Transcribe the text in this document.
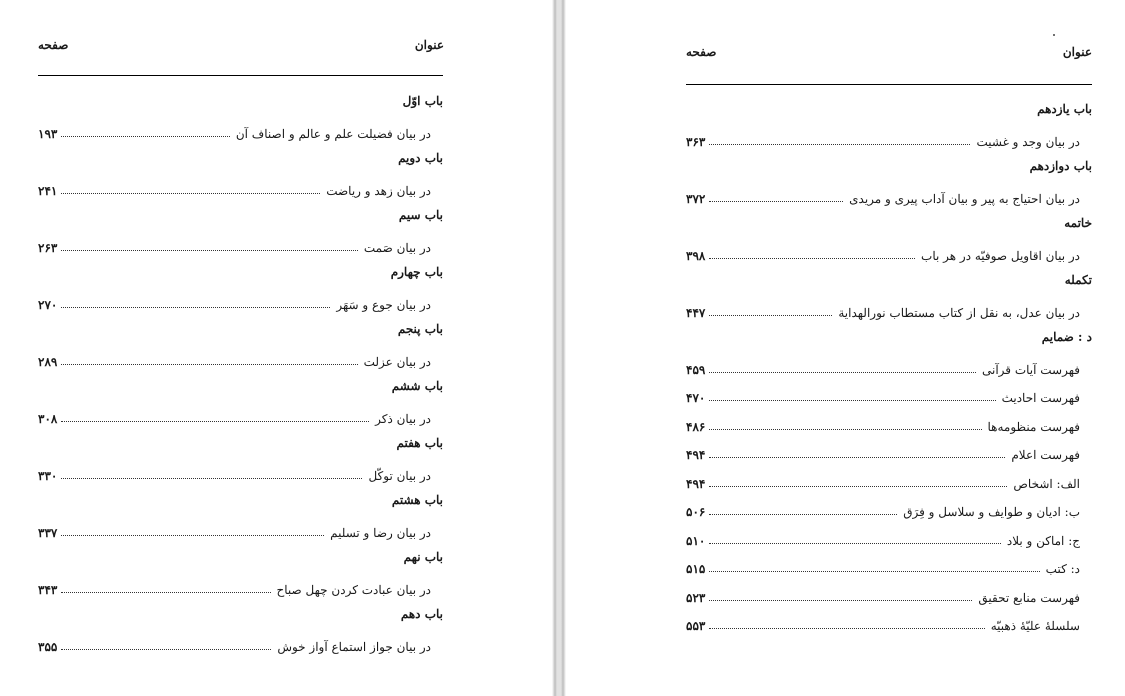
عنوان
صفحه
باب اوّل
در بیان فضیلت علم و عالم و اصناف آن
۱۹۳
باب دویم
در بیان زهد و ریاضت
۲۴۱
باب سیم
در بیان صَمت
۲۶۳
باب چهارم
در بیان جوع و سَهَر
۲۷۰
باب پنجم
در بیان عزلت
۲۸۹
باب ششم
در بیان ذکر
۳۰۸
باب هفتم
در بیان توکّل
۳۳۰
باب هشتم
در بیان رضا و تسلیم
۳۳۷
باب نهم
در بیان عبادت کردن چهل صباح
۳۴۳
باب دهم
در بیان جواز استماع آواز خوش
۳۵۵
عنوان
صفحه
باب یازدهم
در بیان وجد و غشیت
۳۶۳
باب دوازدهم
در بیان احتیاج به پیر و بیان آداب پیری و مریدی
۳۷۲
خاتمه
در بیان اقاویل صوفیّه در هر باب
۳۹۸
تکمله
در بیان عدل، به نقل از کتاب مستطاب نورالهدایة
۴۴۷
د : ضمایم
فهرست آیات قرآنی
۴۵۹
فهرست احادیث
۴۷۰
فهرست منظومه‌ها
۴۸۶
فهرست اعلام
۴۹۴
الف: اشخاص
۴۹۴
ب: ادیان و طوایف و سلاسل و فِرَق
۵۰۶
ج: اماکن و بلاد
۵۱۰
د: کتب
۵۱۵
فهرست منابع تحقیق
۵۲۳
سلسلهٔ علیّهٔ ذهبیّه
۵۵۳
